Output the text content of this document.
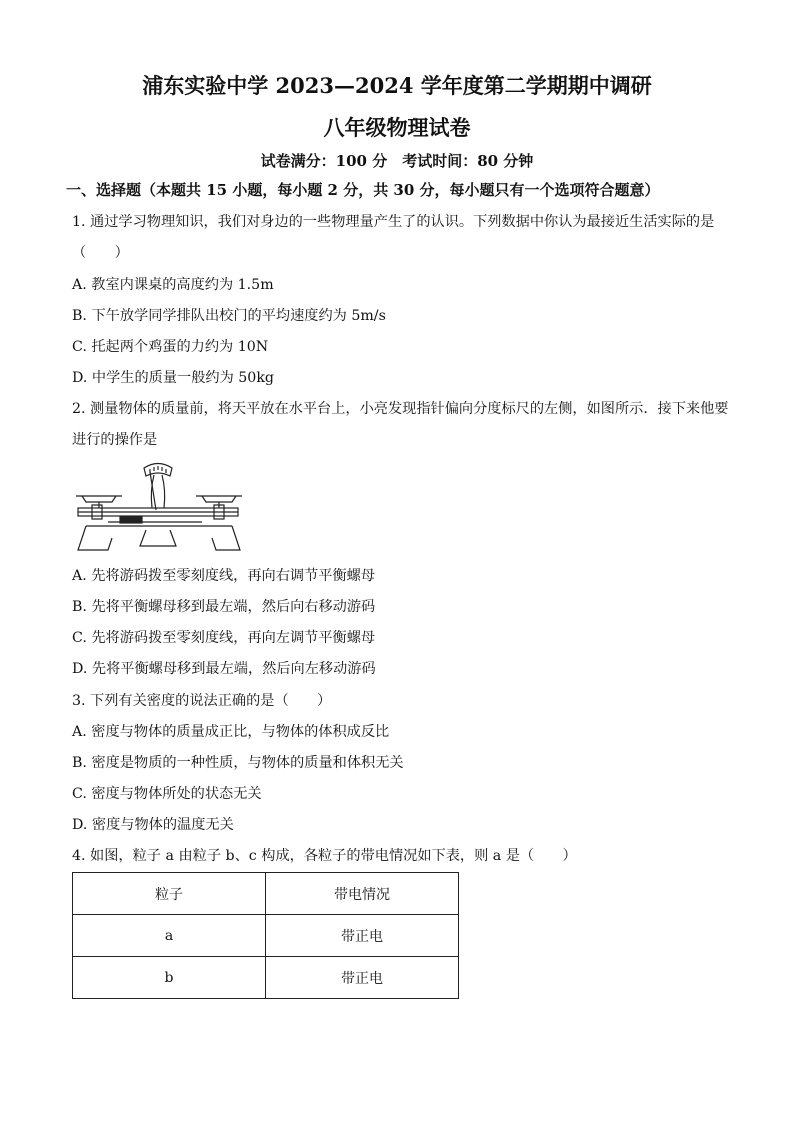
浦东实验中学 2023—2024 学年度第二学期期中调研
八年级物理试卷
试卷满分：100 分　考试时间：80 分钟
一、选择题（本题共 15 小题，每小题 2 分，共 30 分，每小题只有一个选项符合题意）
1. 通过学习物理知识，我们对身边的一些物理量产生了的认识。下列数据中你认为最接近生活实际的是
（　　）
A. 教室内课桌的高度约为 1.5m
B. 下午放学同学排队出校门的平均速度约为 5m/s
C. 托起两个鸡蛋的力约为 10N
D. 中学生的质量一般约为 50kg
2. 测量物体的质量前，将天平放在水平台上，小亮发现指针偏向分度标尺的左侧，如图所示．接下来他要
进行的操作是
A. 先将游码拨至零刻度线，再向右调节平衡螺母
B. 先将平衡螺母移到最左端，然后向右移动游码
C. 先将游码拨至零刻度线，再向左调节平衡螺母
D. 先将平衡螺母移到最左端，然后向左移动游码
3. 下列有关密度的说法正确的是（　　）
A. 密度与物体的质量成正比，与物体的体积成反比
B. 密度是物质的一种性质，与物体的质量和体积无关
C. 密度与物体所处的状态无关
D. 密度与物体的温度无关
4. 如图，粒子 a 由粒子 b、c 构成，各粒子的带电情况如下表，则 a 是（　　）
粒子	带电情况
a	带正电
b	带正电
